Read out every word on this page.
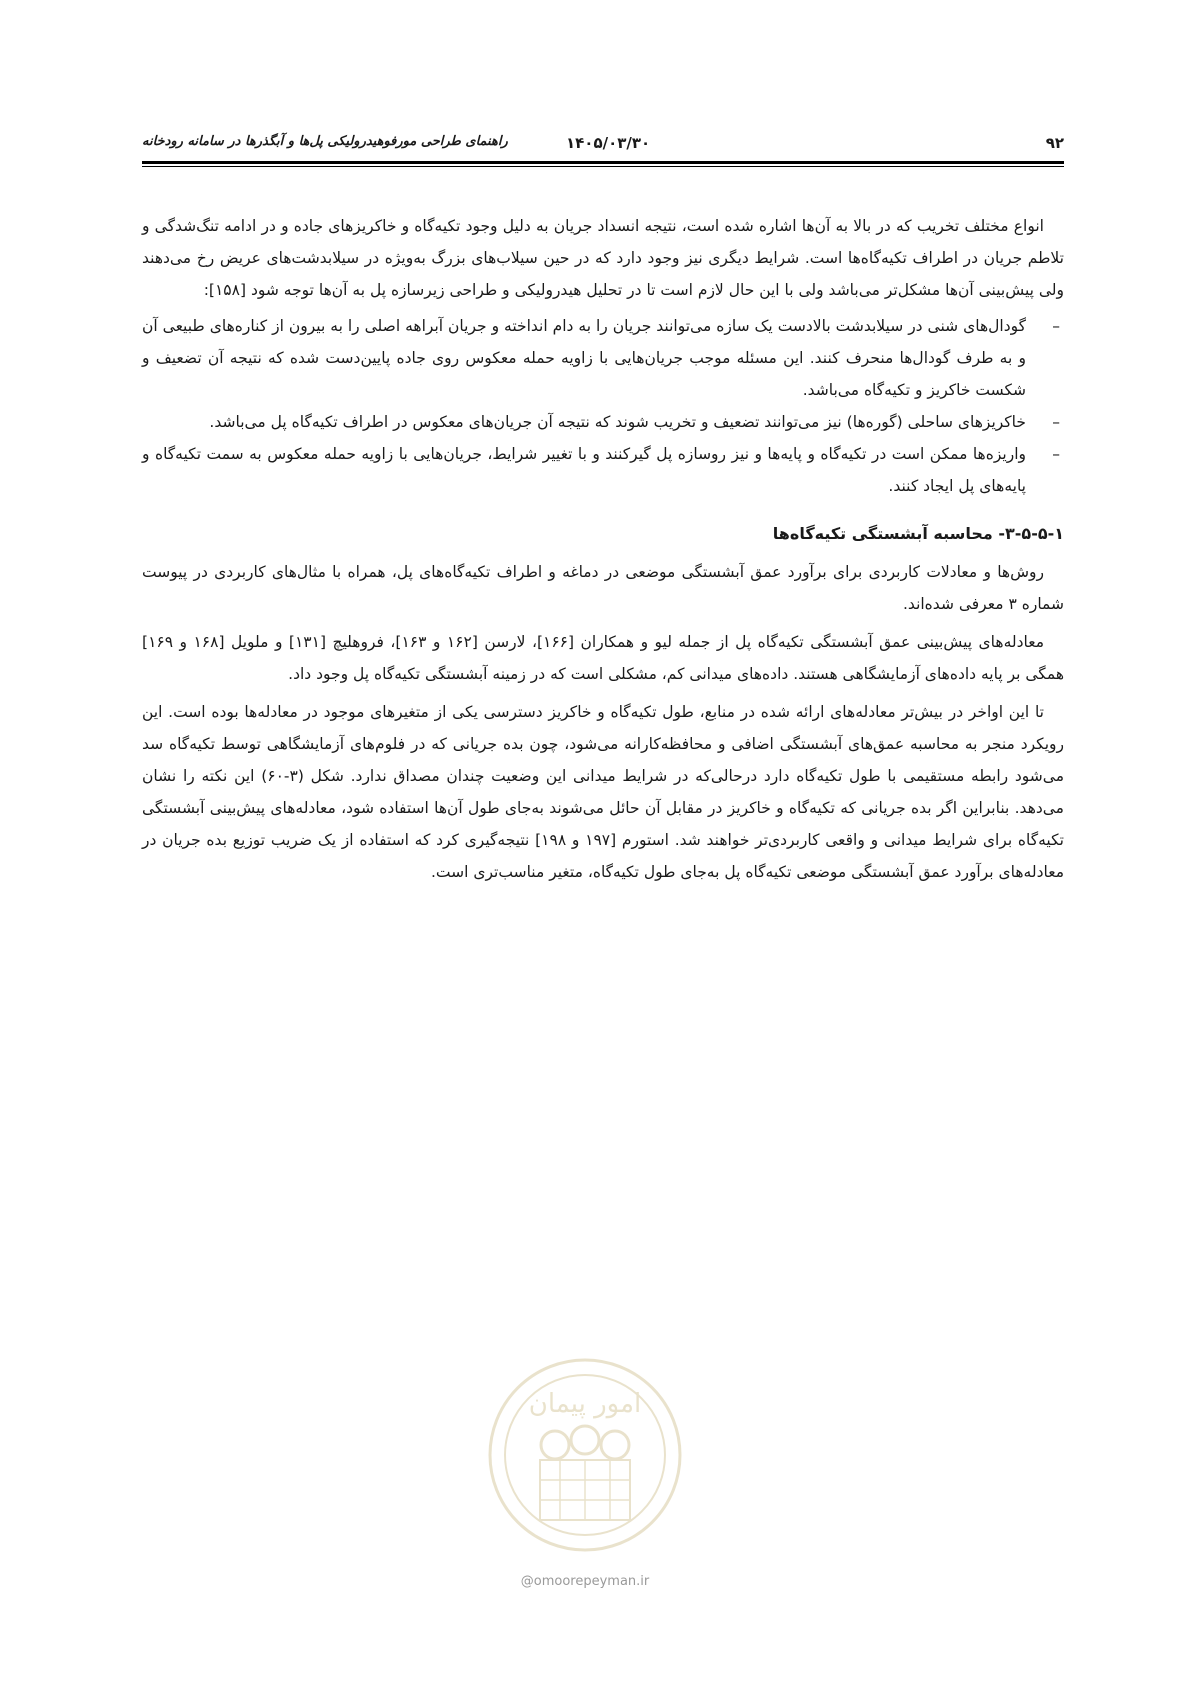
۹۲
۱۴۰۵/۰۳/۳۰
راهنمای طراحی مورفوهیدرولیکی پل‌ها و آبگذرها در سامانه رودخانه

انواع مختلف تخریب که در بالا به آن‌ها اشاره شده است، نتیجه انسداد جریان به دلیل وجود تکیه‌گاه و خاکریزهای جاده و در ادامه تنگ‌شدگی و تلاطم جریان در اطراف تکیه‌گاه‌ها است. شرایط دیگری نیز وجود دارد که در حین سیلاب‌های بزرگ به‌ویژه در سیلابدشت‌های عریض رخ می‌دهند ولی پیش‌بینی آن‌ها مشکل‌تر می‌باشد ولی با این حال لازم است تا در تحلیل هیدرولیکی و طراحی زیرسازه پل به آن‌ها توجه شود [۱۵۸]:

–
گودال‌های شنی در سیلابدشت بالادست یک سازه می‌توانند جریان را به دام انداخته و جریان آبراهه اصلی را به بیرون از کناره‌های طبیعی آن و به طرف گودال‌ها منحرف کنند. این مسئله موجب جریان‌هایی با زاویه حمله معکوس روی جاده پایین‌دست شده که نتیجه آن تضعیف و شکست خاکریز و تکیه‌گاه می‌باشد.
–
خاکریزهای ساحلی (گوره‌ها) نیز می‌توانند تضعیف و تخریب شوند که نتیجه آن جریان‌های معکوس در اطراف تکیه‌گاه پل می‌باشد.
–
واریزه‌ها ممکن است در تکیه‌گاه و پایه‌ها و نیز روسازه پل گیرکنند و با تغییر شرایط، جریان‌هایی با زاویه حمله معکوس به سمت تکیه‌گاه و پایه‌های پل ایجاد کنند.

۳-۵-۵-۱- محاسبه آبشستگی تکیه‌گاه‌ها

روش‌ها و معادلات کاربردی برای برآورد عمق آبشستگی موضعی در دماغه و اطراف تکیه‌گاه‌های پل، همراه با مثال‌های کاربردی در پیوست شماره ۳ معرفی شده‌اند.

معادله‌های پیش‌بینی عمق آبشستگی تکیه‌گاه پل از جمله لیو و همکاران [۱۶۶]، لارسن [۱۶۲ و ۱۶۳]، فروهلیچ [۱۳۱] و ملویل [۱۶۸ و ۱۶۹] همگی بر پایه داده‌های آزمایشگاهی هستند. داده‌های میدانی کم، مشکلی است که در زمینه آبشستگی تکیه‌گاه پل وجود داد.

تا این اواخر در بیش‌تر معادله‌های ارائه شده در منابع، طول تکیه‌گاه و خاکریز دسترسی یکی از متغیرهای موجود در معادله‌ها بوده است. این رویکرد منجر به محاسبه عمق‌های آبشستگی اضافی و محافظه‌کارانه می‌شود، چون بده جریانی که در فلوم‌های آزمایشگاهی توسط تکیه‌گاه سد می‌شود رابطه مستقیمی با طول تکیه‌گاه دارد درحالی‌که در شرایط میدانی این وضعیت چندان مصداق ندارد. شکل (۳-۶۰) این نکته را نشان می‌دهد. بنابراین اگر بده جریانی که تکیه‌گاه و خاکریز در مقابل آن حائل می‌شوند به‌جای طول آن‌ها استفاده شود، معادله‌های پیش‌بینی آبشستگی تکیه‌گاه برای شرایط میدانی و واقعی کاربردی‌تر خواهند شد. استورم [۱۹۷ و ۱۹۸] نتیجه‌گیری کرد که استفاده از یک ضریب توزیع بده جریان در معادله‌های برآورد عمق آبشستگی موضعی تکیه‌گاه پل به‌جای طول تکیه‌گاه، متغیر مناسب‌تری است.

امور پیمان
@omoorepeyman.ir
